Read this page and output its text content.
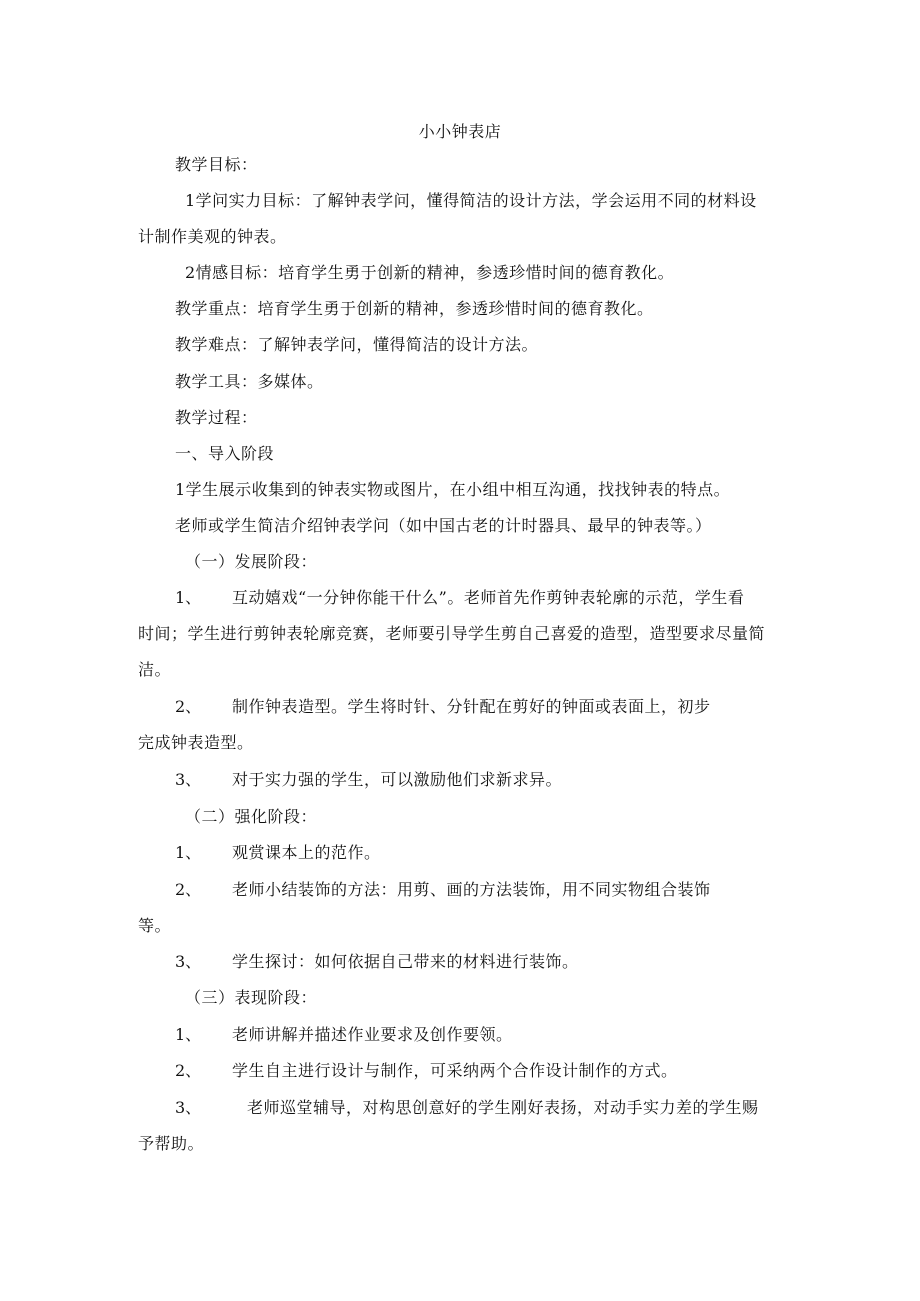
小小钟表店
教学目标：
1学问实力目标：了解钟表学问，懂得简洁的设计方法，学会运用不同的材料设
计制作美观的钟表。
2情感目标：培育学生勇于创新的精神，参透珍惜时间的德育教化。
教学重点：培育学生勇于创新的精神，参透珍惜时间的德育教化。
教学难点：了解钟表学问，懂得简洁的设计方法。
教学工具：多媒体。
教学过程：
一、导入阶段
1学生展示收集到的钟表实物或图片，在小组中相互沟通，找找钟表的特点。
老师或学生简洁介绍钟表学问（如中国古老的计时器具、最早的钟表等。）
（一）发展阶段：
1、 互动嬉戏“一分钟你能干什么”。老师首先作剪钟表轮廓的示范，学生看
时间；学生进行剪钟表轮廓竞赛，老师要引导学生剪自己喜爱的造型，造型要求尽量简
洁。
2、 制作钟表造型。学生将时针、分针配在剪好的钟面或表面上，初步
完成钟表造型。
3、 对于实力强的学生，可以激励他们求新求异。
（二）强化阶段：
1、 观赏课本上的范作。
2、 老师小结装饰的方法：用剪、画的方法装饰，用不同实物组合装饰
等。
3、 学生探讨：如何依据自己带来的材料进行装饰。
（三）表现阶段：
1、 老师讲解并描述作业要求及创作要领。
2、 学生自主进行设计与制作，可采纳两个合作设计制作的方式。
3、	老师巡堂辅导，对构思创意好的学生刚好表扬，对动手实力差的学生赐
予帮助。
